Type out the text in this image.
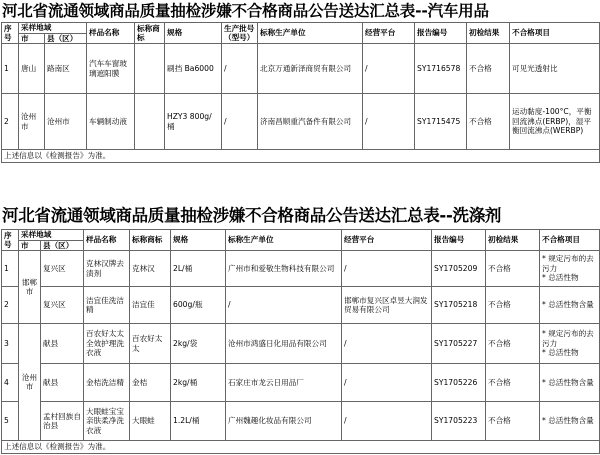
河北省流通领域商品质量抽检涉嫌不合格商品公告送达汇总表--汽车用品
序号	采样地域		样品名称	标称商标	规格	生产批号（型号）	标称生产单位	经营平台	报告编号	初检结果	不合格项目
	市	县（区）									
1	唐山	路南区	汽车车窗玻璃遮阳膜		刷挡 Ba6000	/	北京万通新泽商贸有限公司	/	SY1716578	不合格	可见光透射比
2	沧州市	沧州市	车辆制动液		HZY3 800g/桶	/	济南昌顺重汽备件有限公司	/	SY1715475	不合格	运动黏度-100°C，平衡回流沸点(ERBP)，湿平衡回流沸点(WERBP)
上述信息以《检测报告》为准。											
河北省流通领域商品质量抽检涉嫌不合格商品公告送达汇总表--洗涤剂
序号	采样地域		样品名称	标称商标	规格	标称生产单位	经营平台	报告编号	初检结果	不合格项目
	市	县（区）								
1	邯郸市	复兴区	克林汉牌去渍剂	克林汉	2L/桶	广州市和爱敬生物科技有限公司	/	SY1705209	不合格	* 规定污布的去污力
* 总活性物
2		复兴区	洁宜佳洗洁精	洁宜佳	600g/瓶	/	邯郸市复兴区卓昱大润发贸易有限公司	SY1705218	不合格	* 总活性物含量
3	沧州市	献县	百农好太太全效护理洗衣液	百农好太太	2kg/袋	沧州市鸿盛日化用品有限公司	/	SY1705227	不合格	* 规定污布的去污力
* 总活性物
4		献县	金桔洗洁精	金桔	2kg/桶	石家庄市龙云日用品厂	/	SY1705226	不合格	* 总活性物含量
5		孟村回族自治县	大眼蛙宝宝亲肤柔净洗衣液	大眼蛙	1.2L/桶	广州魏趣化妆品有限公司	/	SY1705223	不合格	* 总活性物含量
上述信息以《检测报告》为准。										
